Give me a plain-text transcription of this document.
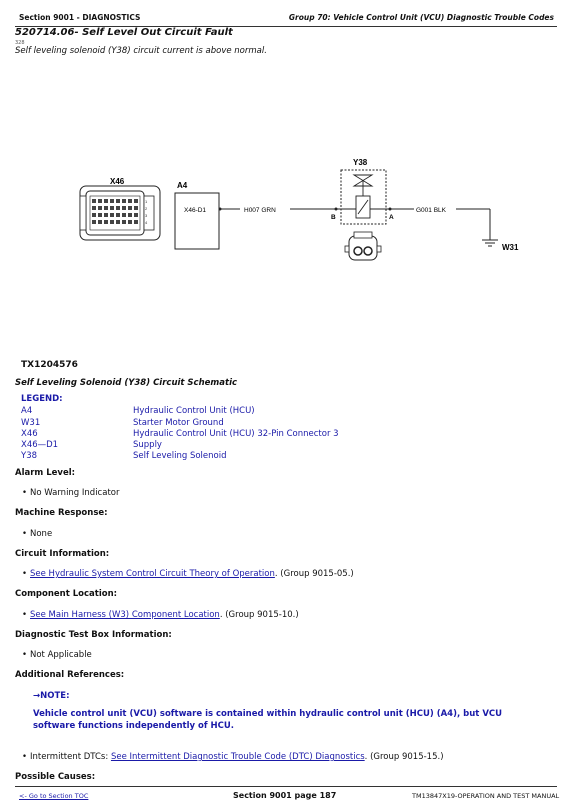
Section 9001 - DIAGNOSTICS	Group 70: Vehicle Control Unit (VCU) Diagnostic Trouble Codes
520714.06- Self Level Out Circuit Fault
328
Self leveling solenoid (Y38) circuit current is above normal.
X46
1
2
3
4
A4
X46-D1	H007 GRN
Y38
B	A
G001 BLK
W31
TX1204576
Self Leveling Solenoid (Y38) Circuit Schematic
LEGEND:
A4	Hydraulic Control Unit (HCU)
W31	Starter Motor Ground
X46	Hydraulic Control Unit (HCU) 32-Pin Connector 3
X46—D1	Supply
Y38	Self Leveling Solenoid
Alarm Level:
• No Warning Indicator
Machine Response:
• None
Circuit Information:
• See Hydraulic System Control Circuit Theory of Operation. (Group 9015-05.)
Component Location:
• See Main Harness (W3) Component Location. (Group 9015-10.)
Diagnostic Test Box Information:
• Not Applicable
Additional References:
→NOTE:
Vehicle control unit (VCU) software is contained within hydraulic control unit (HCU) (A4), but VCU software functions independently of HCU.
• Intermittent DTCs: See Intermittent Diagnostic Trouble Code (DTC) Diagnostics. (Group 9015-15.)
Possible Causes:
<- Go to Section TOC	Section 9001 page 187	TM13847X19-OPERATION AND TEST MANUAL
